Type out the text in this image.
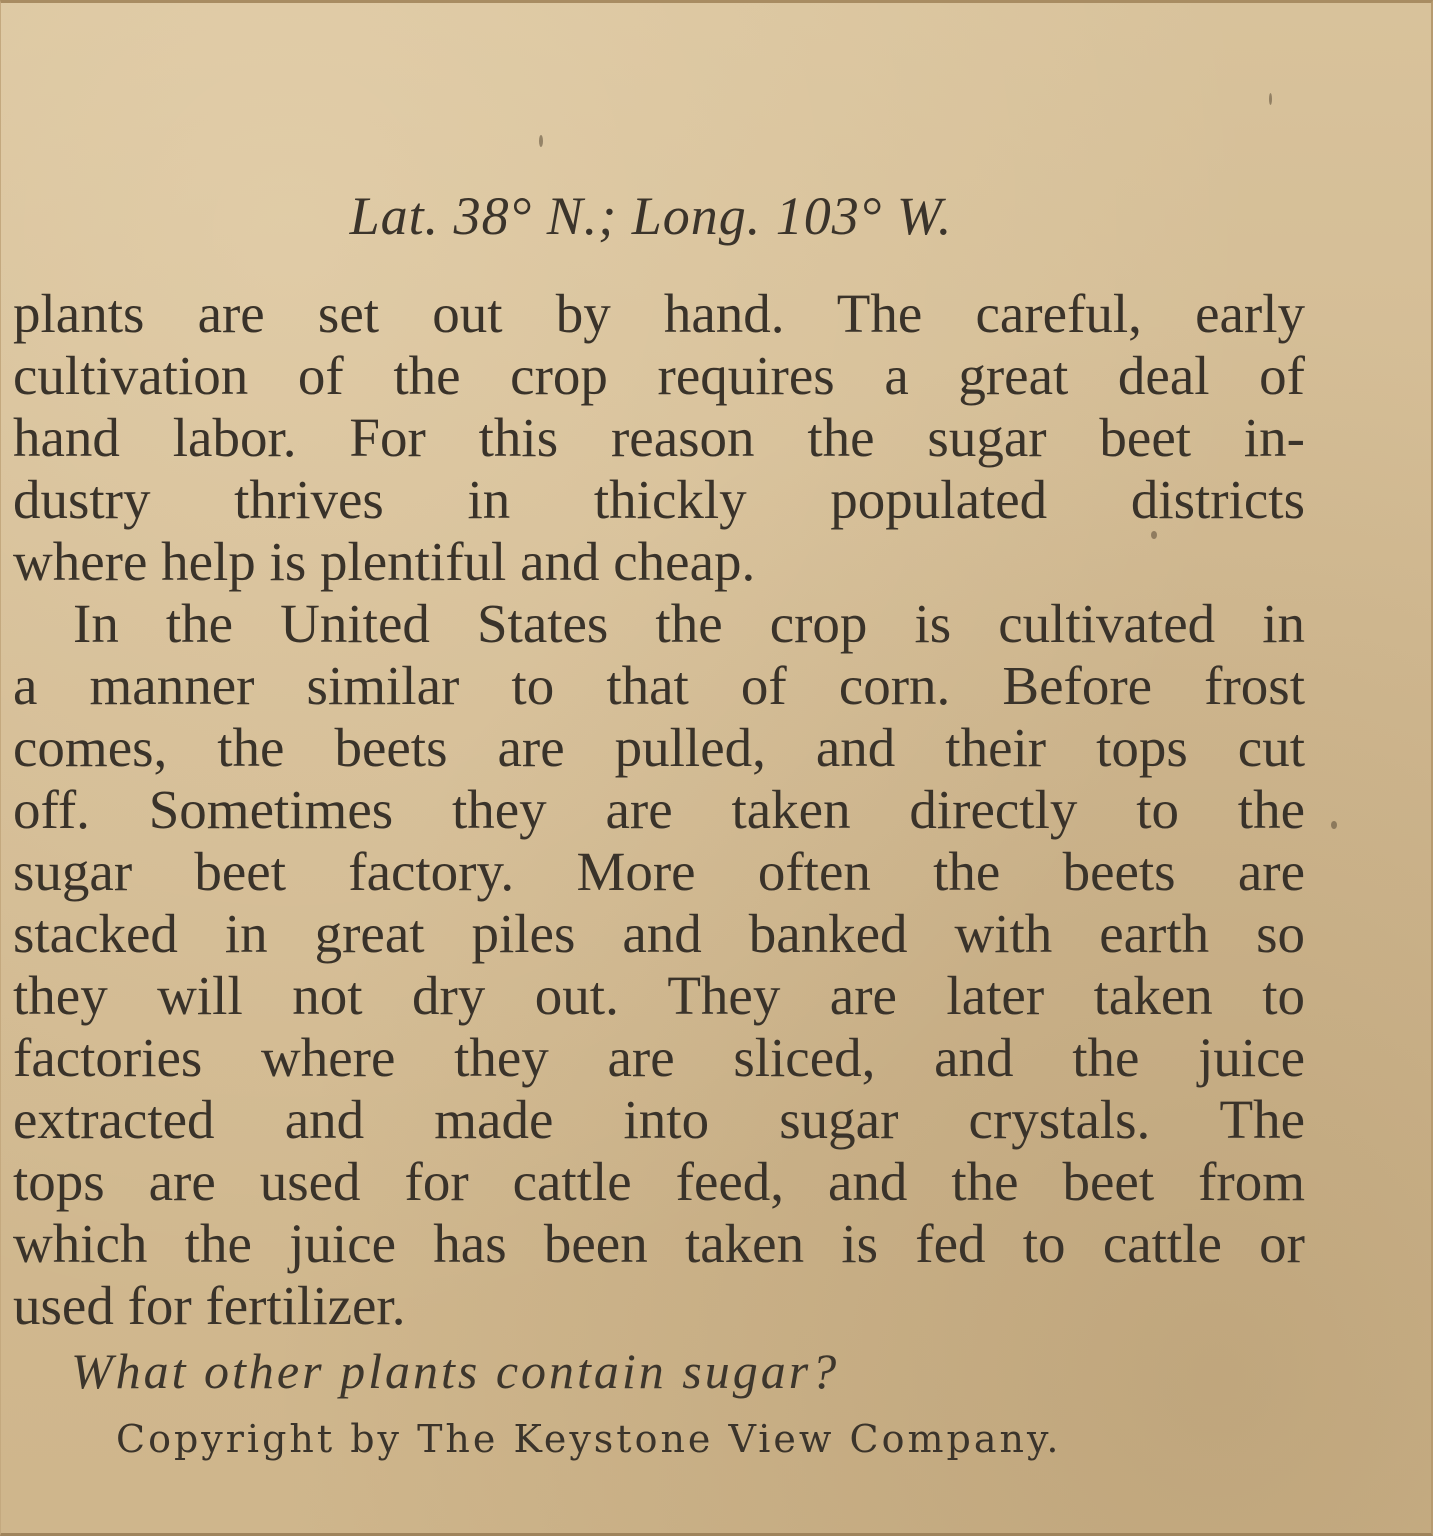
Lat. 38° N.; Long. 103° W.
plants are set out by hand. The careful, early
cultivation of the crop requires a great deal of
hand labor. For this reason the sugar beet in-
dustry thrives in thickly populated districts
where help is plentiful and cheap.
In the United States the crop is cultivated in
a manner similar to that of corn. Before frost
comes, the beets are pulled, and their tops cut
off. Sometimes they are taken directly to the
sugar beet factory. More often the beets are
stacked in great piles and banked with earth so
they will not dry out. They are later taken to
factories where they are sliced, and the juice
extracted and made into sugar crystals. The
tops are used for cattle feed, and the beet from
which the juice has been taken is fed to cattle or
used for fertilizer.
What other plants contain sugar?
Copyright by The Keystone View Company.
